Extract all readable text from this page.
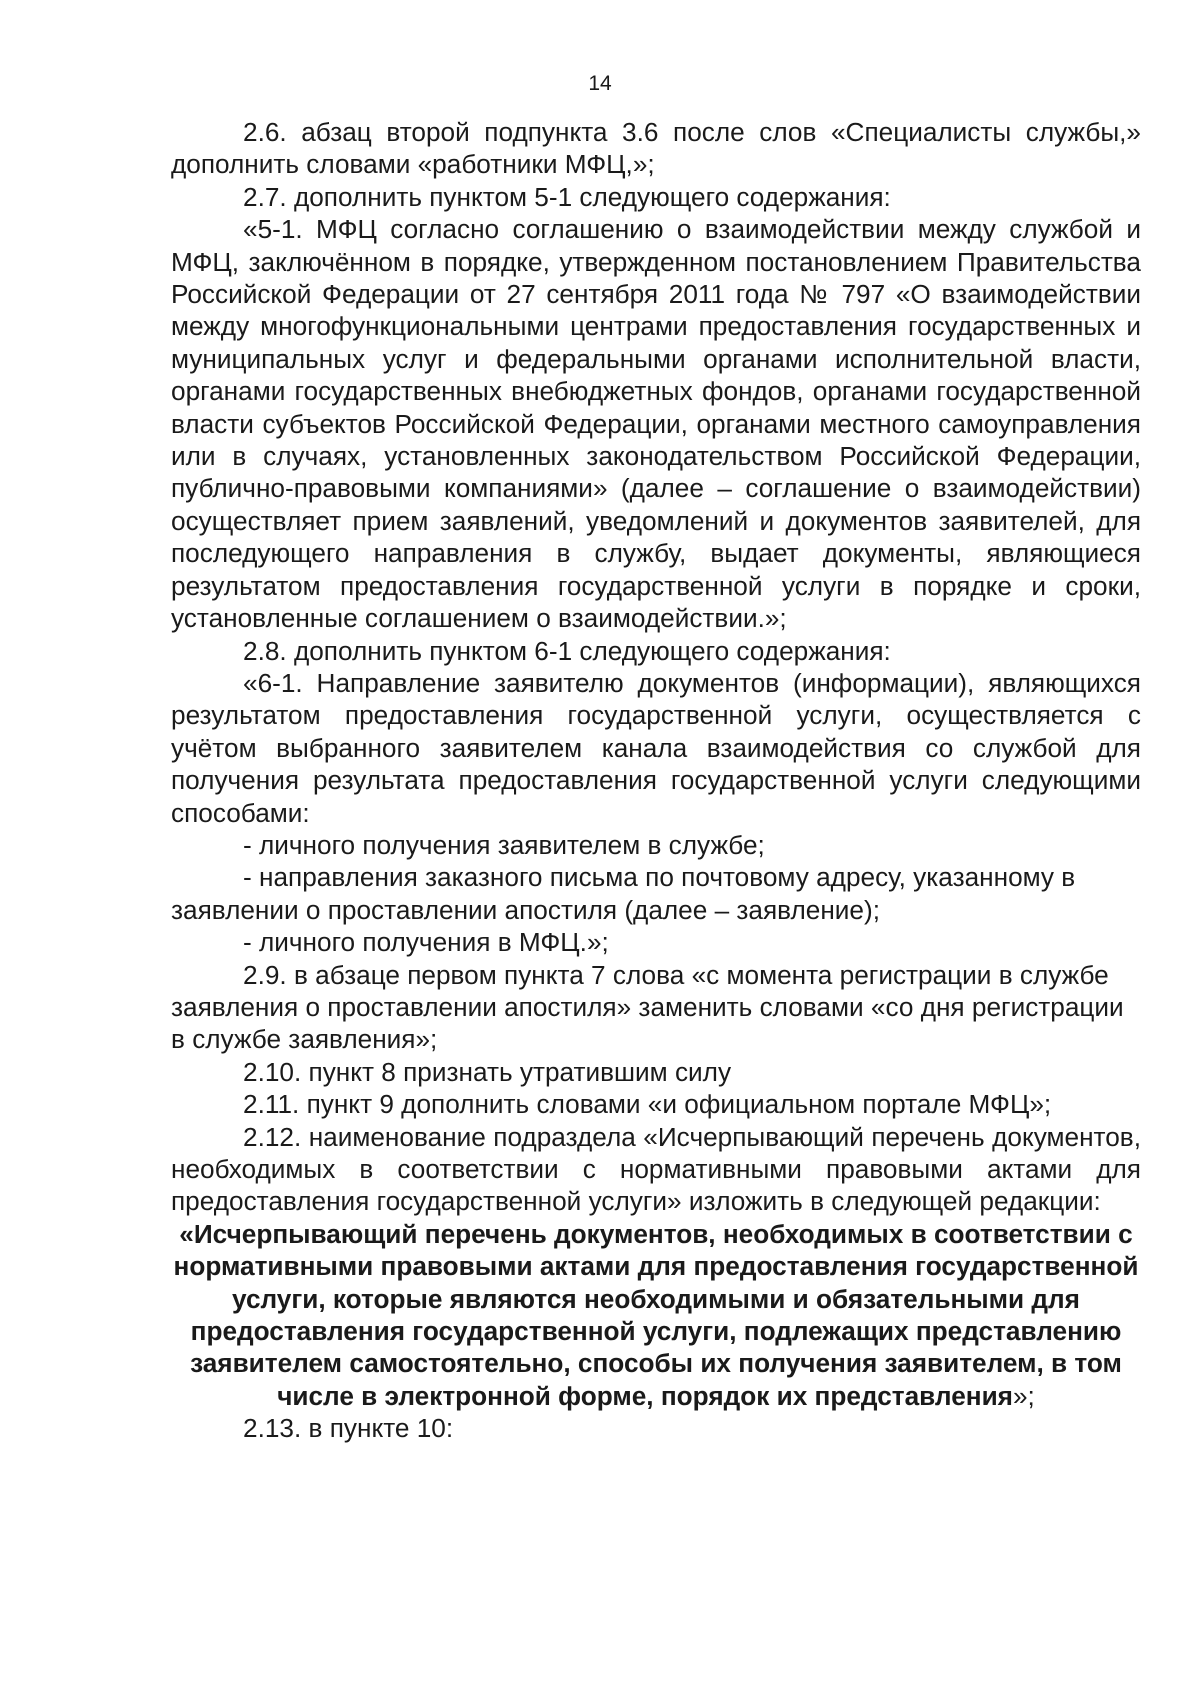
14

2.6. абзац второй подпункта 3.6 после слов «Специалисты службы,» дополнить словами «работники МФЦ,»;

2.7. дополнить пунктом 5-1 следующего содержания:

«5-1. МФЦ согласно соглашению о взаимодействии между службой и МФЦ, заключённом в порядке, утвержденном постановлением Правительства Российской Федерации от 27 сентября 2011 года № 797 «О взаимодействии между многофункциональными центрами предоставления государственных и муниципальных услуг и федеральными органами исполнительной власти, органами государственных внебюджетных фондов, органами государственной власти субъектов Российской Федерации, органами местного самоуправления или в случаях, установленных законодательством Российской Федерации, публично-правовыми компаниями» (далее – соглашение о взаимодействии) осуществляет прием заявлений, уведомлений и документов заявителей, для последующего направления в службу, выдает документы, являющиеся результатом предоставления государственной услуги в порядке и сроки, установленные соглашением о взаимодействии.»;

2.8. дополнить пунктом 6-1 следующего содержания:

«6-1. Направление заявителю документов (информации), являющихся результатом предоставления государственной услуги, осуществляется с учётом выбранного заявителем канала взаимодействия со службой для получения результата предоставления государственной услуги следующими способами:

- личного получения заявителем в службе;

- направления заказного письма по почтовому адресу, указанному в заявлении о проставлении апостиля (далее – заявление);

- личного получения в МФЦ.»;

2.9. в абзаце первом пункта 7 слова «с момента регистрации в службе заявления о проставлении апостиля» заменить словами «со дня регистрации в службе заявления»;

2.10. пункт 8 признать утратившим силу

2.11. пункт 9 дополнить словами «и официальном портале МФЦ»;

2.12. наименование подраздела «Исчерпывающий перечень документов, необходимых в соответствии с нормативными правовыми актами для предоставления государственной услуги» изложить в следующей редакции:

«Исчерпывающий перечень документов, необходимых в соответствии с нормативными правовыми актами для предоставления государственной услуги, которые являются необходимыми и обязательными для предоставления государственной услуги, подлежащих представлению заявителем самостоятельно, способы их получения заявителем, в том числе в электронной форме, порядок их представления»;

2.13. в пункте 10:
